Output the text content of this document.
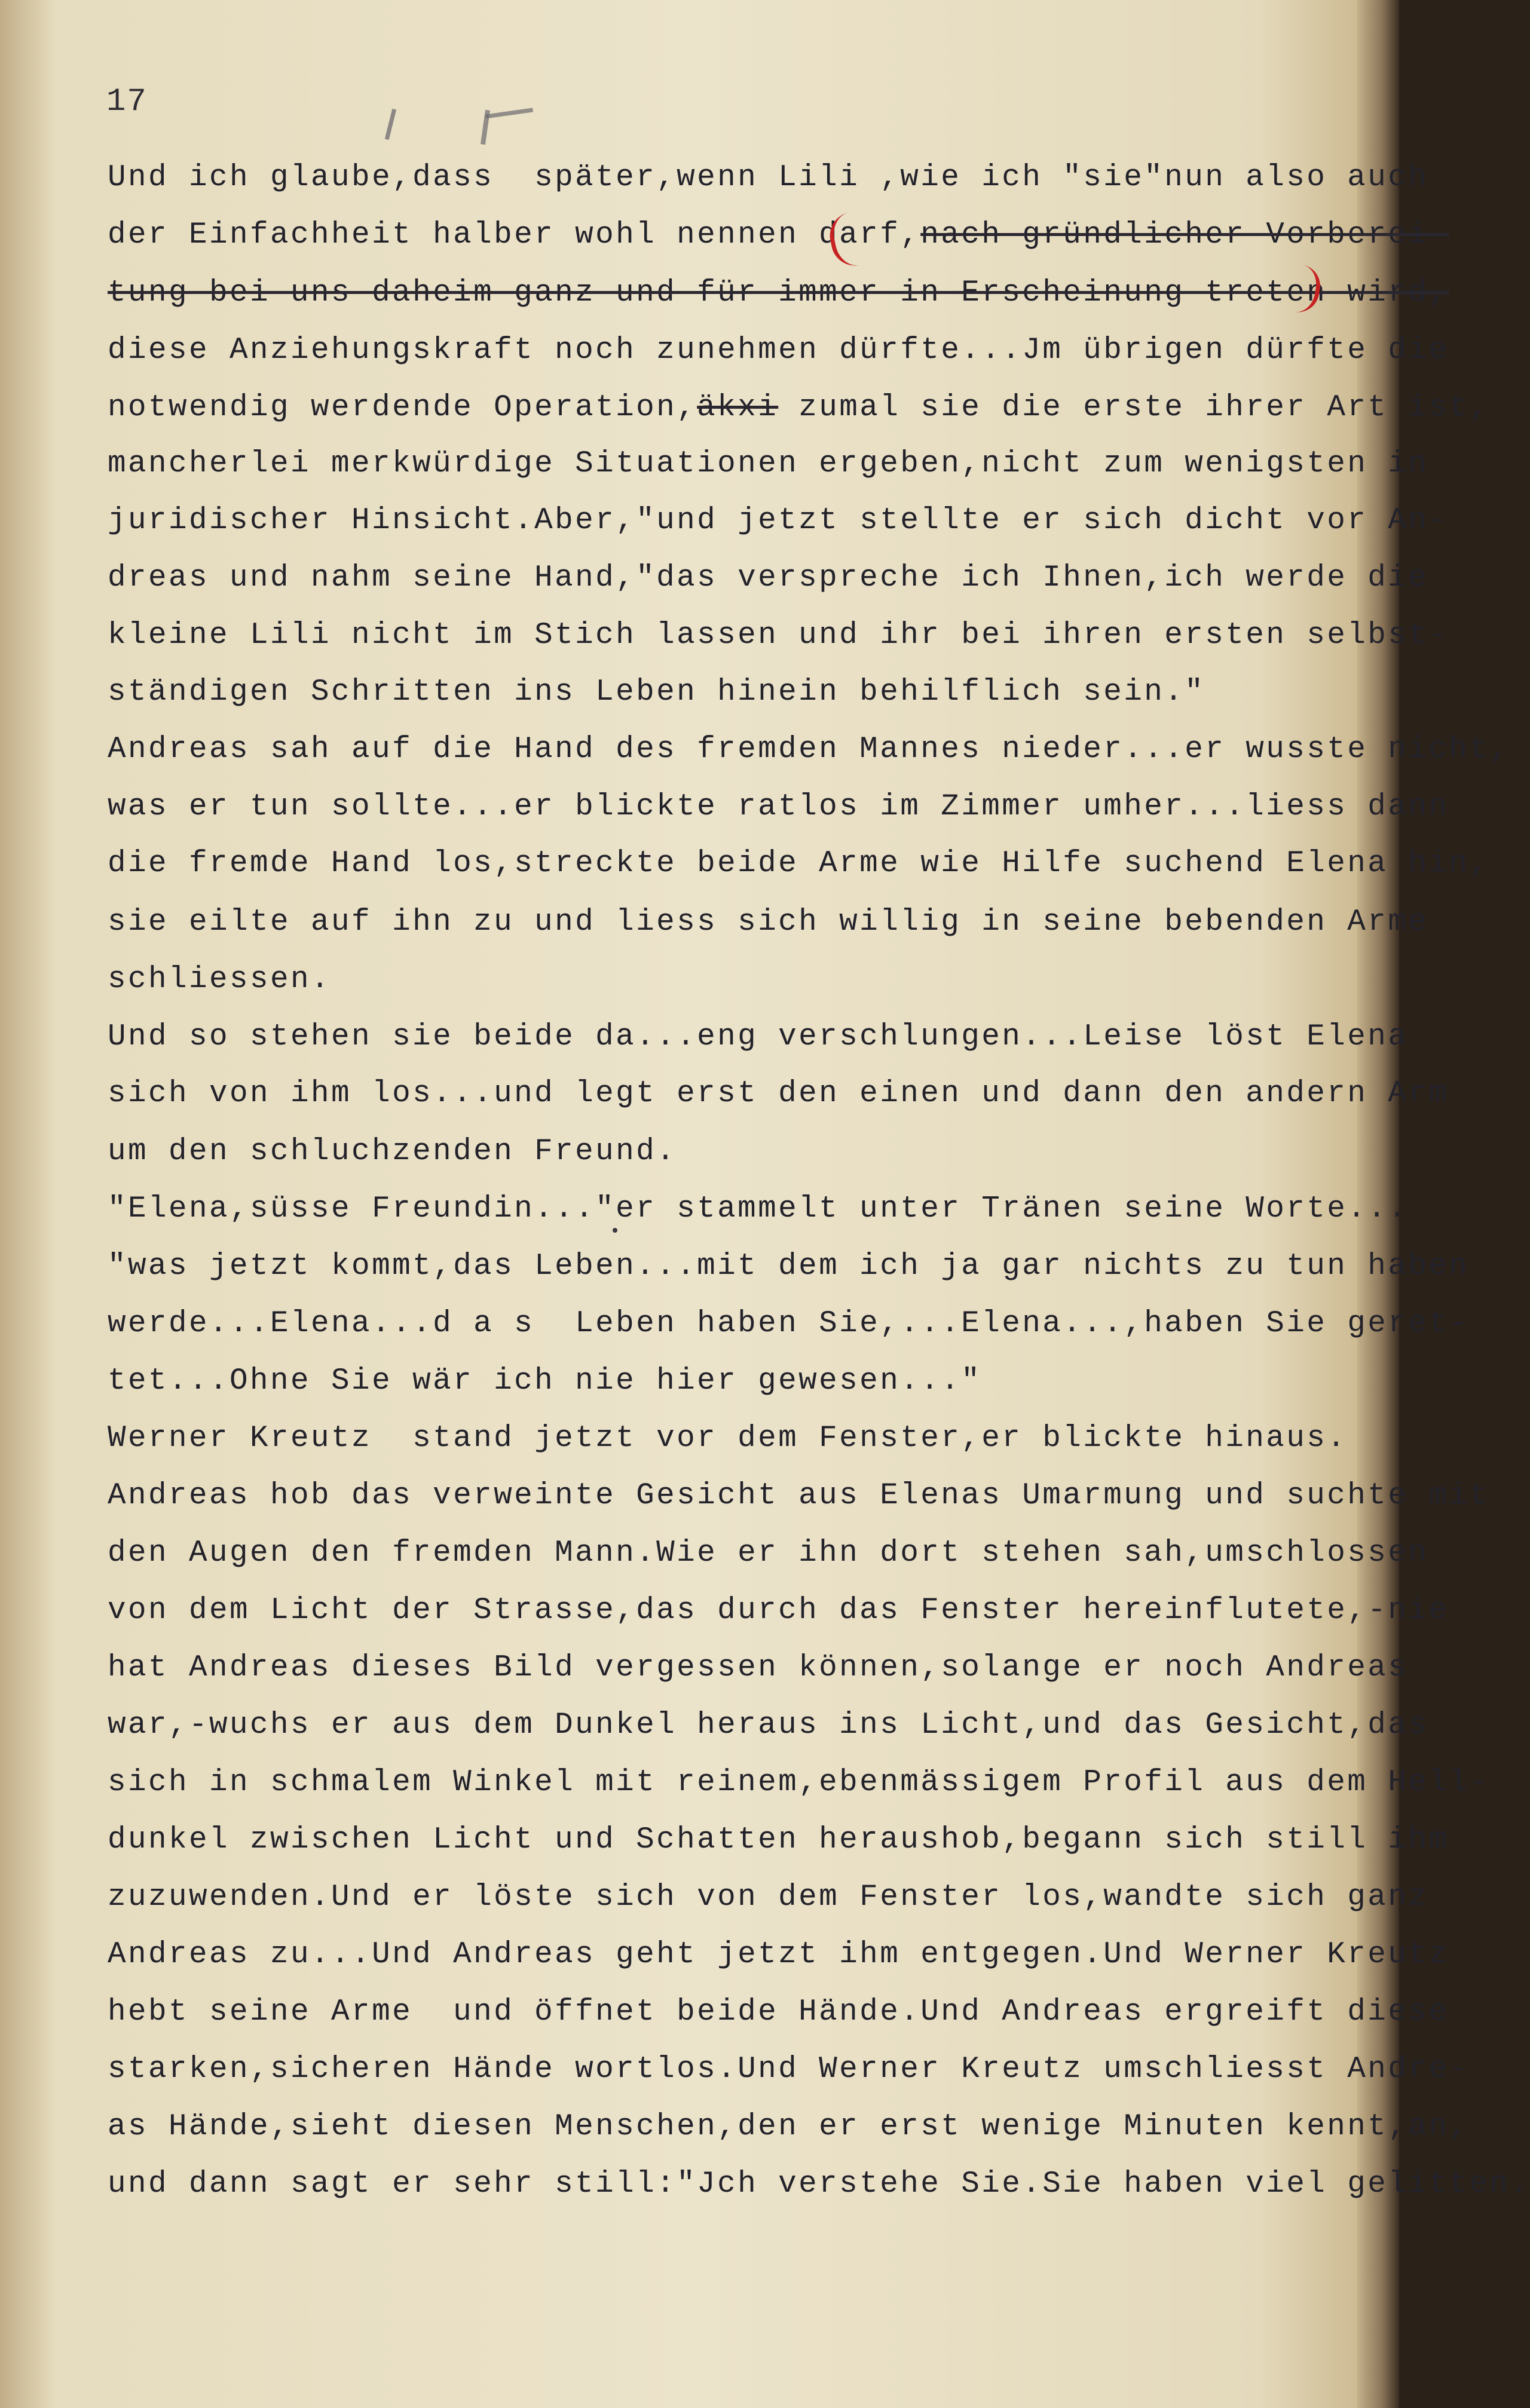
17
Und ich glaube,dass  später,wenn Lili ,wie ich "sie"nun also auch
der Einfachheit halber wohl nennen darf,nach gründlicher Vorberei-
tung bei uns daheim ganz und für immer in Erscheinung treten wird,
diese Anziehungskraft noch zunehmen dürfte...Jm übrigen dürfte die
notwendig werdende Operation,äkxi zumal sie die erste ihrer Art ist,
mancherlei merkwürdige Situationen ergeben,nicht zum wenigsten in
juridischer Hinsicht.Aber,"und jetzt stellte er sich dicht vor An-
dreas und nahm seine Hand,"das verspreche ich Ihnen,ich werde die
kleine Lili nicht im Stich lassen und ihr bei ihren ersten selbst-
ständigen Schritten ins Leben hinein behilflich sein."
Andreas sah auf die Hand des fremden Mannes nieder...er wusste nicht,
was er tun sollte...er blickte ratlos im Zimmer umher...liess dann
die fremde Hand los,streckte beide Arme wie Hilfe suchend Elena hin,
sie eilte auf ihn zu und liess sich willig in seine bebenden Arme
schliessen.
Und so stehen sie beide da...eng verschlungen...Leise löst Elena
sich von ihm los...und legt erst den einen und dann den andern Arm
um den schluchzenden Freund.
"Elena,süsse Freundin..."er stammelt unter Tränen seine Worte...
"was jetzt kommt,das Leben...mit dem ich ja gar nichts zu tun haben
werde...Elena...d a s  Leben haben Sie,...Elena...,haben Sie geret-
tet...Ohne Sie wär ich nie hier gewesen..."
Werner Kreutz  stand jetzt vor dem Fenster,er blickte hinaus.
Andreas hob das verweinte Gesicht aus Elenas Umarmung und suchte mit
den Augen den fremden Mann.Wie er ihn dort stehen sah,umschlossen
von dem Licht der Strasse,das durch das Fenster hereinflutete,-nie
hat Andreas dieses Bild vergessen können,solange er noch Andreas
war,-wuchs er aus dem Dunkel heraus ins Licht,und das Gesicht,das
sich in schmalem Winkel mit reinem,ebenmässigem Profil aus dem Hell-
dunkel zwischen Licht und Schatten heraushob,begann sich still ihm
zuzuwenden.Und er löste sich von dem Fenster los,wandte sich ganz
Andreas zu...Und Andreas geht jetzt ihm entgegen.Und Werner Kreutz
hebt seine Arme  und öffnet beide Hände.Und Andreas ergreift diese
starken,sicheren Hände wortlos.Und Werner Kreutz umschliesst Andre-
as Hände,sieht diesen Menschen,den er erst wenige Minuten kennt,an,
und dann sagt er sehr still:"Jch verstehe Sie.Sie haben viel gelitten.
